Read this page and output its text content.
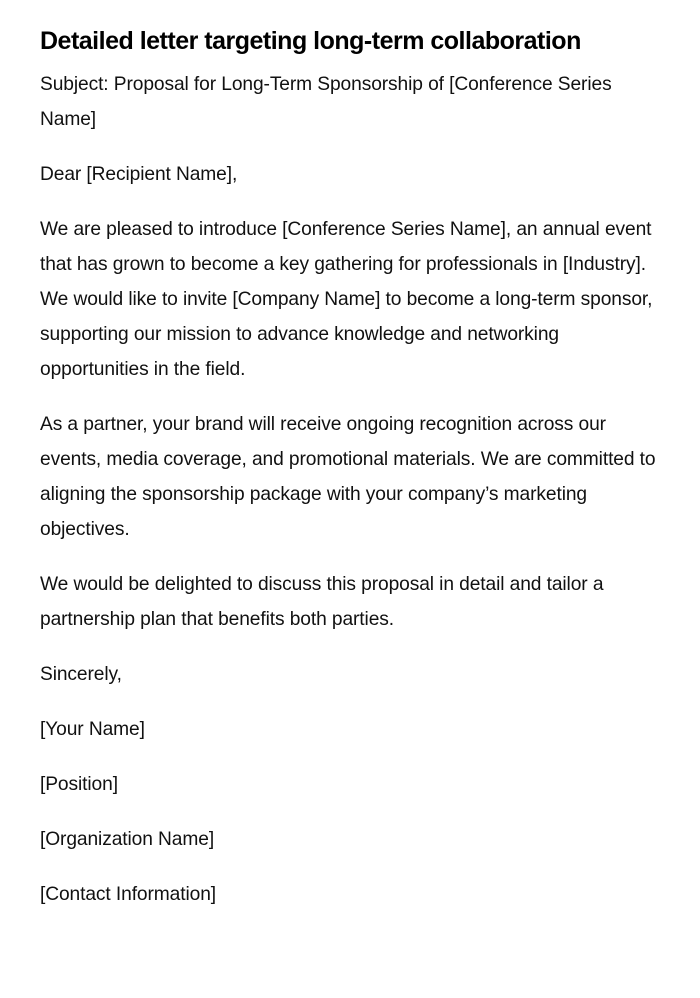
Detailed letter targeting long-term collaboration

Subject: Proposal for Long-Term Sponsorship of [Conference Series Name]

Dear [Recipient Name],

We are pleased to introduce [Conference Series Name], an annual event that has grown to become a key gathering for professionals in [Industry]. We would like to invite [Company Name] to become a long-term sponsor, supporting our mission to advance knowledge and networking opportunities in the field.

As a partner, your brand will receive ongoing recognition across our events, media coverage, and promotional materials. We are committed to aligning the sponsorship package with your company’s marketing objectives.

We would be delighted to discuss this proposal in detail and tailor a partnership plan that benefits both parties.

Sincerely,

[Your Name]

[Position]

[Organization Name]

[Contact Information]
